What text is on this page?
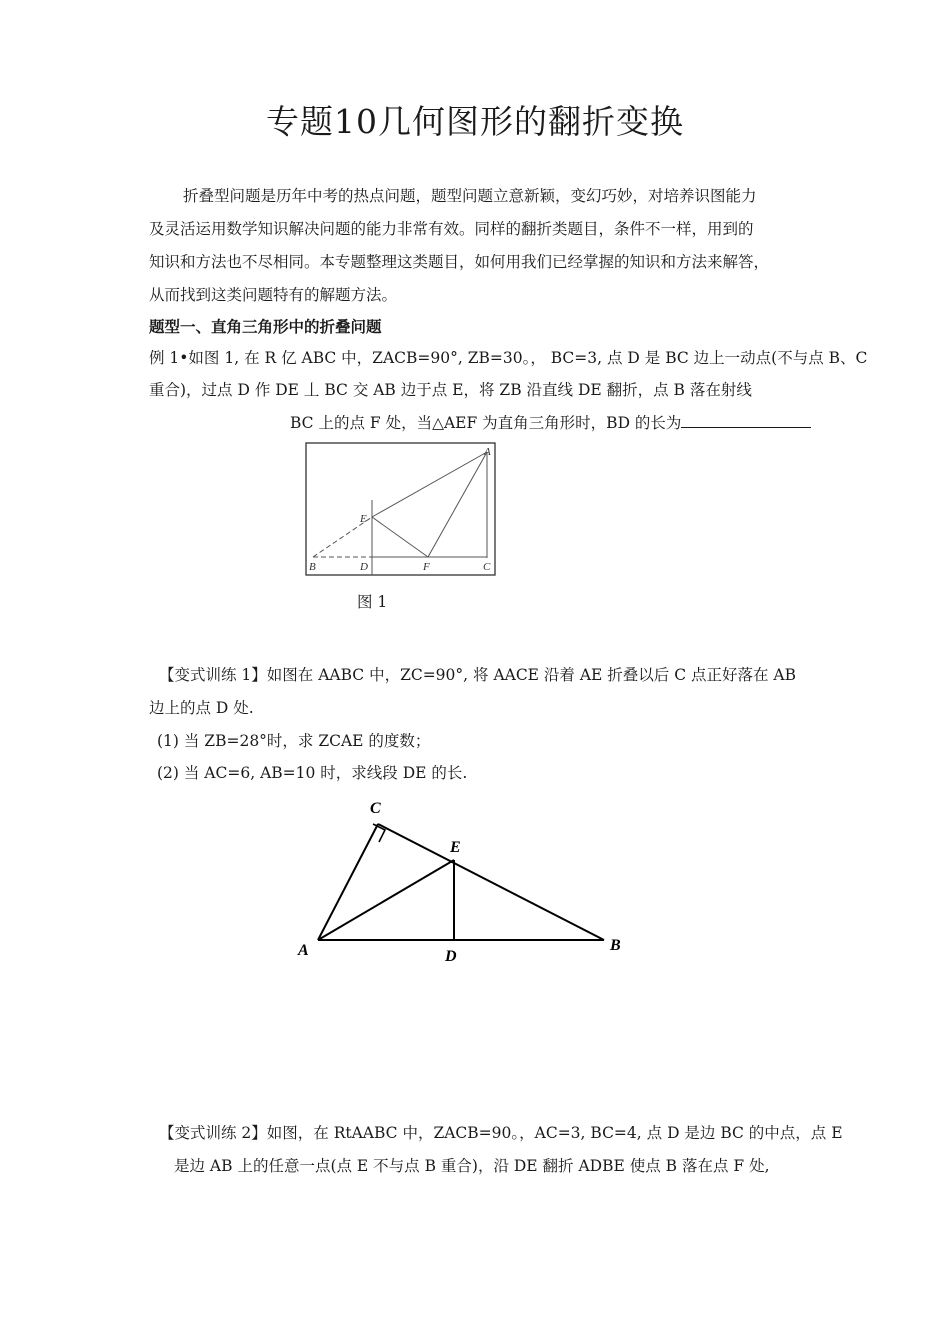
专题10几何图形的翻折变换
折叠型问题是历年中考的热点问题，题型问题立意新颖，变幻巧妙，对培养识图能力
及灵活运用数学知识解决问题的能力非常有效。同样的翻折类题目，条件不一样，用到的
知识和方法也不尽相同。本专题整理这类题目，如何用我们已经掌握的知识和方法来解答，
从而找到这类问题特有的解题方法。
题型一、直角三角形中的折叠问题
例 1•如图 1, 在 R 亿 ABC 中，ZACB=90°, ZB=30。， BC=3, 点 D 是 BC 边上一动点(不与点 B、C
重合)，过点 D 作 DE 丄 BC 交 AB 边于点 E，将 ZB 沿直线 DE 翻折，点 B 落在射线
BC 上的点 F 处，当△AEF 为直角三角形时，BD 的长为
A
E
B	D	F	C
图 1
【变式训练 1】如图在 AABC 中，ZC=90°, 将 AACE 沿着 AE 折叠以后 C 点正好落在 AB
边上的点 D 处.
(1) 当 ZB=28°时，求 ZCAE 的度数；
(2) 当 AC=6, AB=10 时，求线段 DE 的长.
C
E
A	D
B
【变式训练 2】如图，在 RtAABC 中，ZACB=90。，AC=3, BC=4, 点 D 是边 BC 的中点，点 E
是边 AB 上的任意一点(点 E 不与点 B 重合)，沿 DE 翻折 ADBE 使点 B 落在点 F 处,
